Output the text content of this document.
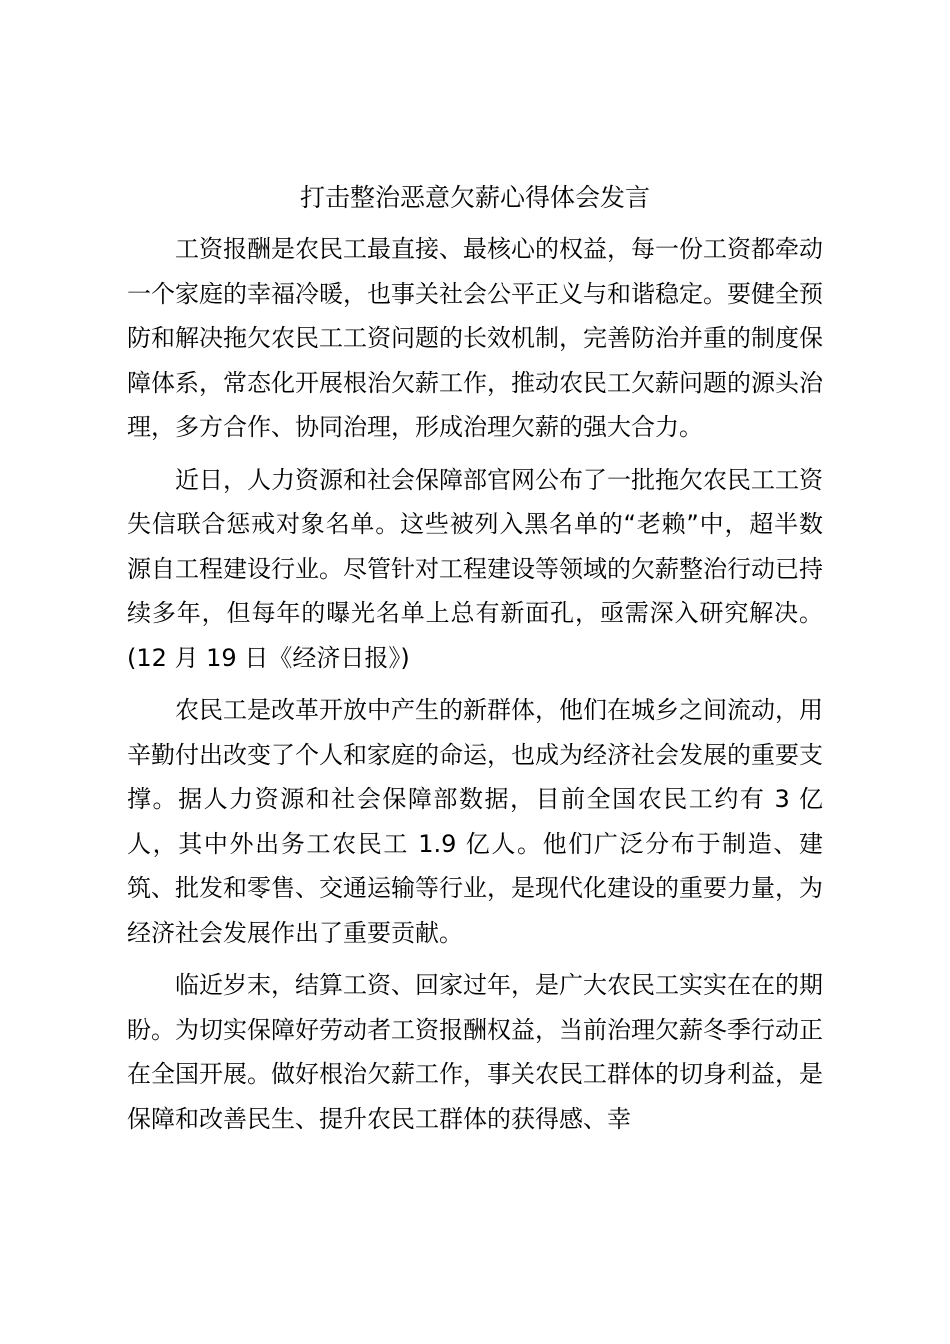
打击整治恶意欠薪心得体会发言

工资报酬是农民工最直接、最核心的权益，每一份工资都牵动一个家庭的幸福冷暖，也事关社会公平正义与和谐稳定。要健全预防和解决拖欠农民工工资问题的长效机制，完善防治并重的制度保障体系，常态化开展根治欠薪工作，推动农民工欠薪问题的源头治理，多方合作、协同治理，形成治理欠薪的强大合力。

近日，人力资源和社会保障部官网公布了一批拖欠农民工工资失信联合惩戒对象名单。这些被列入黑名单的“老赖”中，超半数源自工程建设行业。尽管针对工程建设等领域的欠薪整治行动已持续多年，但每年的曝光名单上总有新面孔，亟需深入研究解决。(12 月 19 日《经济日报》)

农民工是改革开放中产生的新群体，他们在城乡之间流动，用辛勤付出改变了个人和家庭的命运，也成为经济社会发展的重要支撑。据人力资源和社会保障部数据，目前全国农民工约有 3 亿人，其中外出务工农民工 1.9 亿人。他们广泛分布于制造、建筑、批发和零售、交通运输等行业，是现代化建设的重要力量，为经济社会发展作出了重要贡献。

临近岁末，结算工资、回家过年，是广大农民工实实在在的期盼。为切实保障好劳动者工资报酬权益，当前治理欠薪冬季行动正在全国开展。做好根治欠薪工作，事关农民工群体的切身利益，是保障和改善民生、提升农民工群体的获得感、幸
